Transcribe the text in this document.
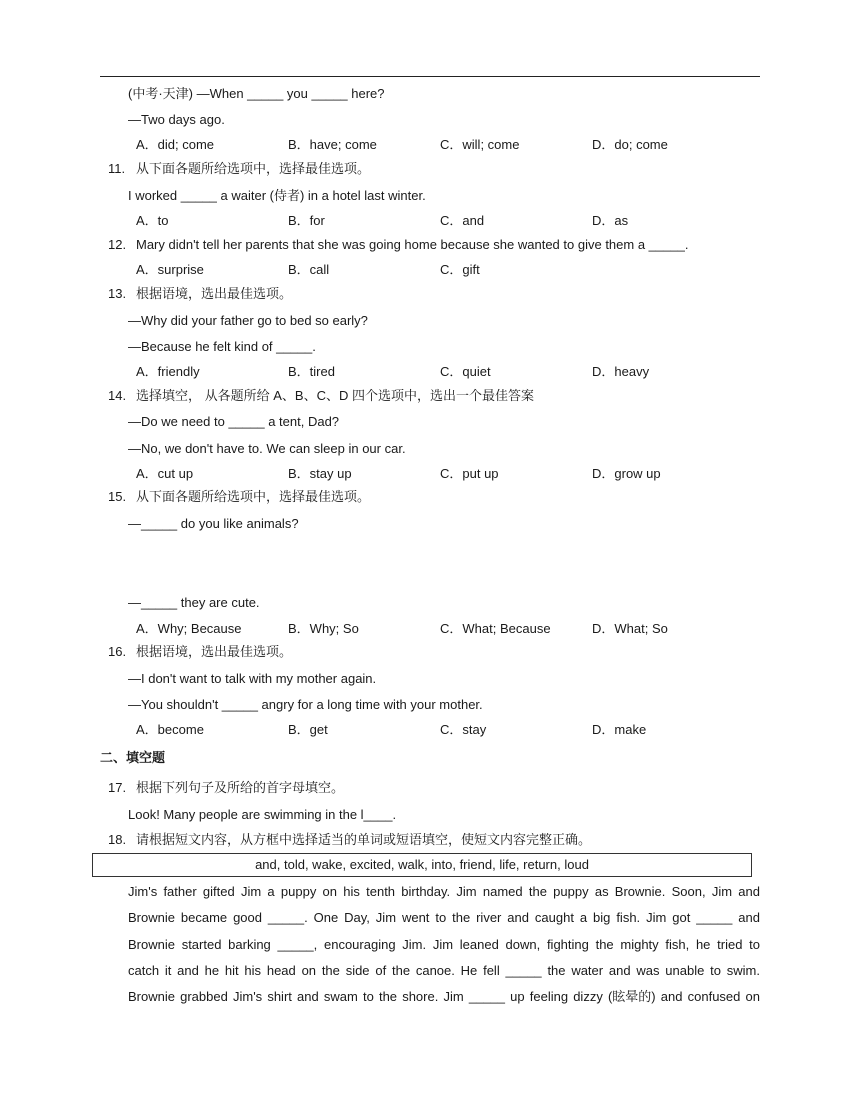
(中考·天津) —When _____ you _____ here?
—Two days ago.
A．did; come	B．have; come	C．will; come	D．do; come
11. 从下面各题所给选项中，选择最佳选项。
I worked _____ a waiter (侍者) in a hotel last winter.
A．to	B．for	C．and	D．as
12. Mary didn't tell her parents that she was going home because she wanted to give them a _____.
A．surprise	B．call	C．gift
13. 根据语境，选出最佳选项。
—Why did your father go to bed so early?
—Because he felt kind of _____.
A．friendly	B．tired	C．quiet	D．heavy
14. 选择填空， 从各题所给 A、B、C、D 四个选项中，选出一个最佳答案
—Do we need to _____ a tent, Dad?
—No, we don't have to. We can sleep in our car.
A．cut up	B．stay up	C．put up	D．grow up
15. 从下面各题所给选项中，选择最佳选项。
—_____ do you like animals?
—_____ they are cute.
A．Why; Because	B．Why; So	C．What; Because	D．What; So
16. 根据语境，选出最佳选项。
—I don't want to talk with my mother again.
—You shouldn't _____ angry for a long time with your mother.
A．become	B．get	C．stay	D．make
二、填空题
17. 根据下列句子及所给的首字母填空。
Look! Many people are swimming in the l____.
18. 请根据短文内容，从方框中选择适当的单词或短语填空，使短文内容完整正确。
and, told, wake, excited, walk, into, friend, life, return, loud
Jim's father gifted Jim a puppy on his tenth birthday. Jim named the puppy as Brownie. Soon, Jim and
Brownie became good _____. One Day, Jim went to the river and caught a big fish. Jim got _____ and
Brownie started barking _____, encouraging Jim. Jim leaned down, fighting the mighty fish, he tried to
catch it and he hit his head on the side of the canoe. He fell _____ the water and was unable to swim.
Brownie grabbed Jim's shirt and swam to the shore. Jim _____ up feeling dizzy (眩晕的) and confused on
